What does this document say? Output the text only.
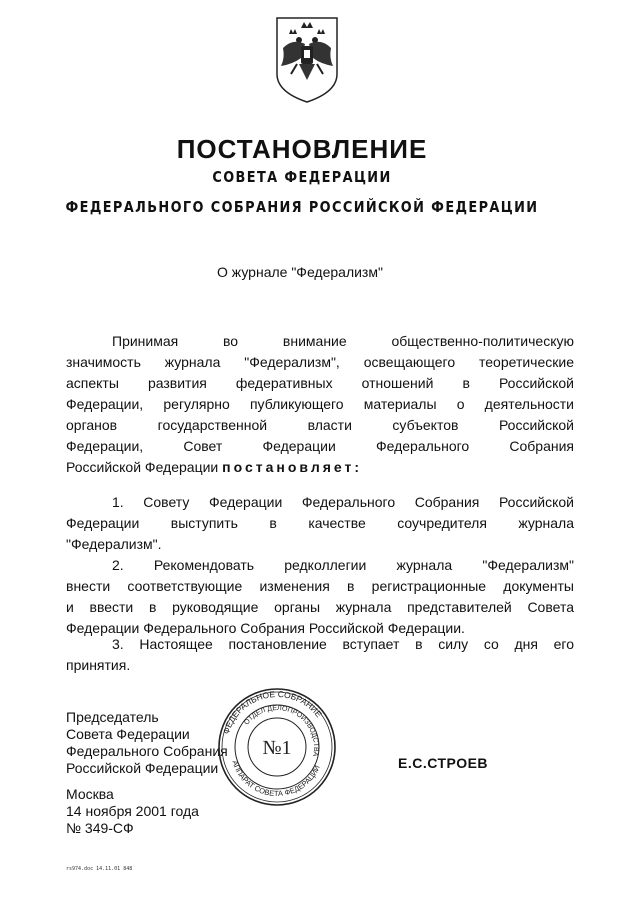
ПОСТАНОВЛЕНИЕ
СОВЕТА ФЕДЕРАЦИИ
ФЕДЕРАЛЬНОГО СОБРАНИЯ РОССИЙСКОЙ ФЕДЕРАЦИИ
О журнале "Федерализм"
Принимая	во	внимание	общественно-политическую
значимость журнала "Федерализм", освещающего теоретические
аспекты развития федеративных отношений в Российской
Федерации, регулярно публикующего материалы о деятельности
органов государственной власти субъектов Российской
Федерации, Совет Федерации Федерального Собрания
Российской Федерации постановляет:
1. Совету Федерации Федерального Собрания Российской
Федерации выступить в качестве соучредителя журнала
"Федерализм".
2. Рекомендовать редколлегии журнала "Федерализм"
внести соответствующие изменения в регистрационные документы
и ввести в руководящие органы журнала представителей Совета
Федерации Федерального Собрания Российской Федерации.
3. Настоящее постановление вступает в силу со дня его
принятия.
Председатель
Совета Федерации
Федерального Собрания
Российской Федерации	Е.С.СТРОЕВ
Москва
14 ноября 2001 года
№ 349-СФ
ФЕДЕРАЛЬНОЕ СОБРАНИЕ
ОТДЕЛ ДЕЛОПРОИЗВОДСТВА
АППАРАТ СОВЕТА ФЕДЕРАЦИИ
№1
rs974.doc 14.11.01 848
